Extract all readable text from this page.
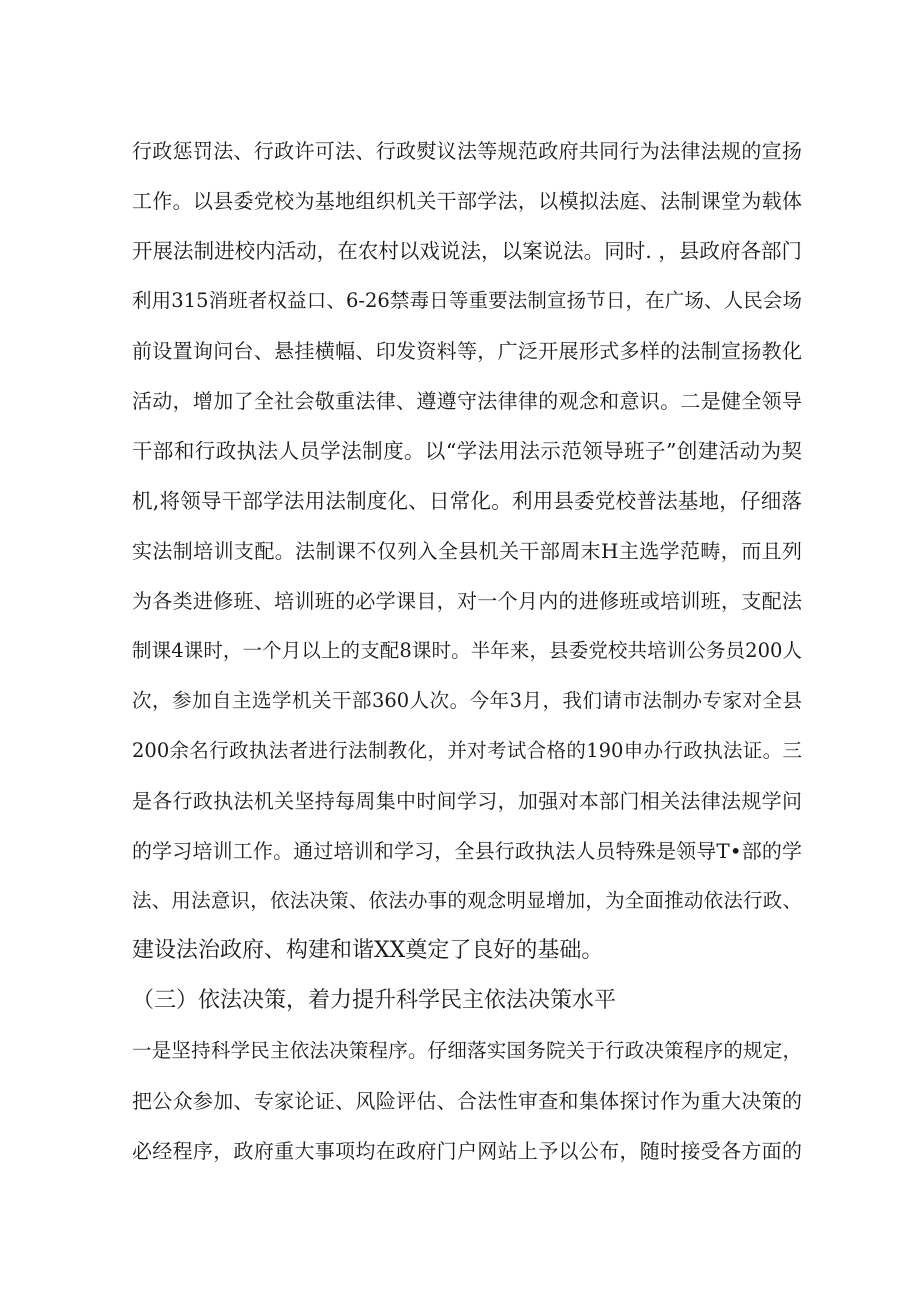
行政惩罚法、行政许可法、行政熨议法等规范政府共同行为法律法规的宣扬
工作。以县委党校为基地组织机关干部学法，以模拟法庭、法制课堂为载体
开展法制进校内活动，在农村以戏说法，以案说法。同时. ，县政府各部门
利用315消班者权益口、6-26禁毒日等重要法制宣扬节日，在广场、人民会场
前设置询问台、悬挂横幅、印发资料等，广泛开展形式多样的法制宣扬教化
活动，增加了全社会敬重法律、遵遵守法律律的观念和意识。二是健全领导
干部和行政执法人员学法制度。以“学法用法示范领导班子”创建活动为契
机,将领导干部学法用法制度化、日常化。利用县委党校普法基地，仔细落
实法制培训支配。法制课不仅列入全县机关干部周末H主选学范畴，而且列
为各类进修班、培训班的必学课目，对一个月内的进修班或培训班，支配法
制课4课时，一个月以上的支配8课时。半年来，县委党校共培训公务员200人
次，参加自主选学机关干部360人次。今年3月，我们请市法制办专家对全县
200余名行政执法者进行法制教化，并对考试合格的190申办行政执法证。三
是各行政执法机关坚持每周集中时间学习，加强对本部门相关法律法规学问
的学习培训工作。通过培训和学习，全县行政执法人员特殊是领导T•部的学
法、用法意识，依法决策、依法办事的观念明显增加，为全面推动依法行政、
建设法治政府、构建和谐XX奠定了良好的基础。
（三）依法决策，着力提升科学民主依法决策水平
一是坚持科学民主依法决策程序。仔细落实国务院关于行政决策程序的规定，
把公众参加、专家论证、风险评估、合法性审查和集体探讨作为重大决策的
必经程序，政府重大事项均在政府门户网站上予以公布，随时接受各方面的
